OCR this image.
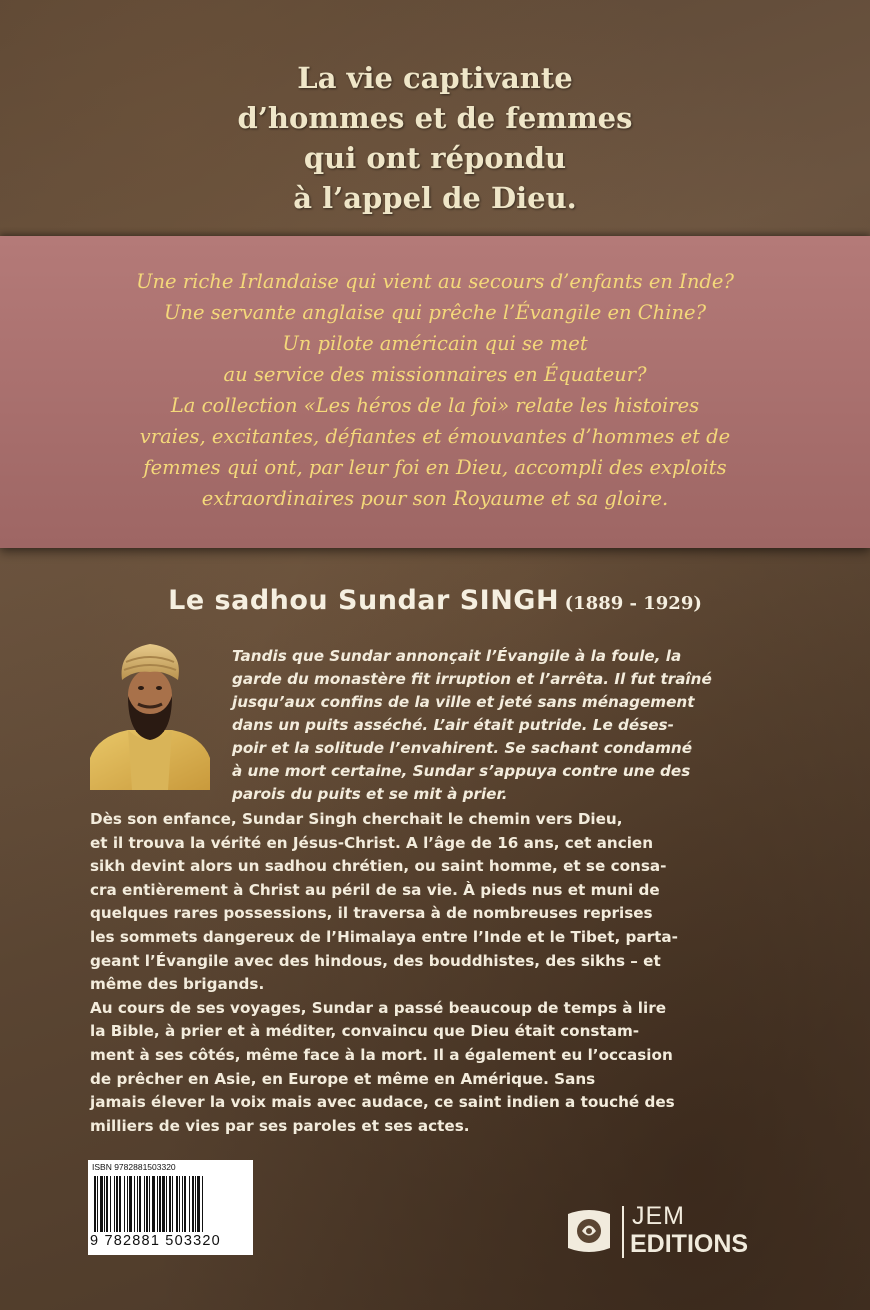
La vie captivante
d’hommes et de femmes
qui ont répondu
à l’appel de Dieu.
Une riche Irlandaise qui vient au secours d’enfants en Inde?
Une servante anglaise qui prêche l’Évangile en Chine?
Un pilote américain qui se met
au service des missionnaires en Équateur?
La collection «Les héros de la foi» relate les histoires
vraies, excitantes, défiantes et émouvantes d’hommes et de
femmes qui ont, par leur foi en Dieu, accompli des exploits
extraordinaires pour son Royaume et sa gloire.
Le sadhou Sundar SINGH (1889 - 1929)
Tandis que Sundar annonçait l’Évangile à la foule, la
garde du monastère fit irruption et l’arrêta. Il fut traîné
jusqu’aux confins de la ville et jeté sans ménagement
dans un puits asséché. L’air était putride. Le déses-
poir et la solitude l’envahirent. Se sachant condamné
à une mort certaine, Sundar s’appuya contre une des
parois du puits et se mit à prier.
Dès son enfance, Sundar Singh cherchait le chemin vers Dieu,
et il trouva la vérité en Jésus-Christ. A l’âge de 16 ans, cet ancien
sikh devint alors un sadhou chrétien, ou saint homme, et se consa-
cra entièrement à Christ au péril de sa vie. À pieds nus et muni de
quelques rares possessions, il traversa à de nombreuses reprises
les sommets dangereux de l’Himalaya entre l’Inde et le Tibet, parta-
geant l’Évangile avec des hindous, des bouddhistes, des sikhs – et
même des brigands.
Au cours de ses voyages, Sundar a passé beaucoup de temps à lire
la Bible, à prier et à méditer, convaincu que Dieu était constam-
ment à ses côtés, même face à la mort. Il a également eu l’occasion
de prêcher en Asie, en Europe et même en Amérique. Sans
jamais élever la voix mais avec audace, ce saint indien a touché des
milliers de vies par ses paroles et ses actes.
ISBN 9782881503320
9 782881 503320
JEM
EDITIONS
